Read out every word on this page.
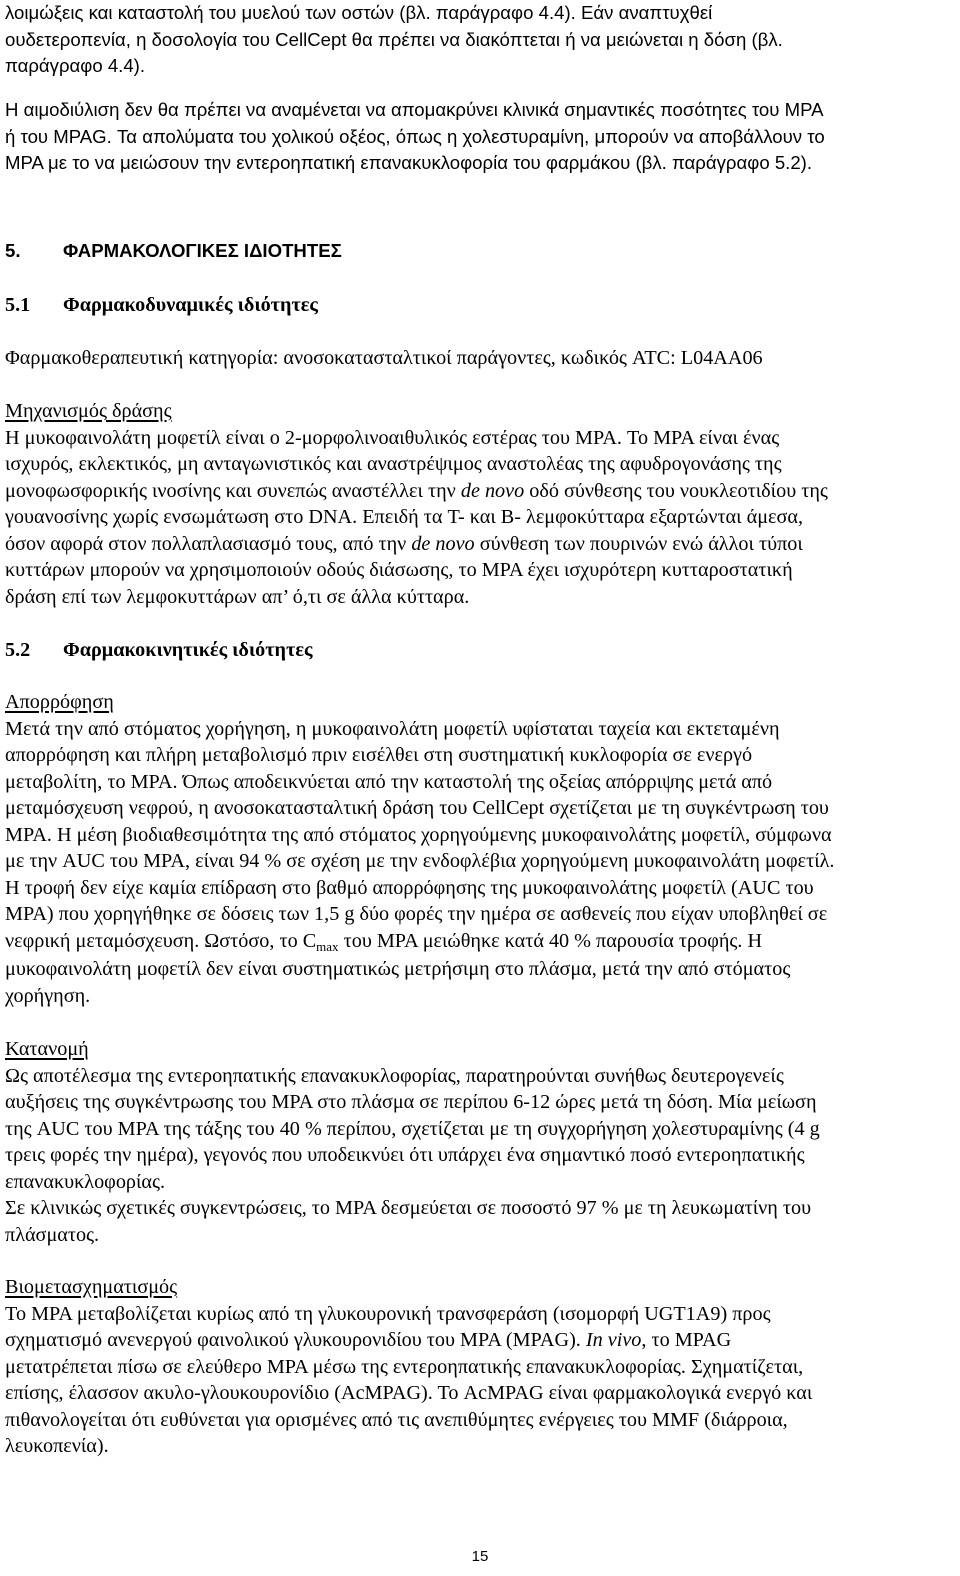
λοιμώξεις και καταστολή του μυελού των οστών (βλ. παράγραφο 4.4). Εάν αναπτυχθεί
ουδετεροπενία, η δοσολογία του CellCept θα πρέπει να διακόπτεται ή να μειώνεται η δόση (βλ.
παράγραφο 4.4).
Η αιμοδιύλιση δεν θα πρέπει να αναμένεται να απομακρύνει κλινικά σημαντικές ποσότητες του MPA
ή του MPAG. Τα απολύματα του χολικού οξέος, όπως η χολεστυραμίνη, μπορούν να αποβάλλουν το
MPA με το να μειώσουν την εντεροηπατική επανακυκλοφορία του φαρμάκου (βλ. παράγραφο 5.2).
5. ΦΑΡΜΑΚΟΛΟΓΙΚΕΣ ΙΔΙΟΤΗΤΕΣ
5.1 Φαρμακοδυναμικές ιδιότητες
Φαρμακοθεραπευτική κατηγορία: ανοσοκατασταλτικοί παράγοντες, κωδικός ATC: L04AA06
Μηχανισμός δράσης
Η μυκοφαινολάτη μοφετίλ είναι ο 2-μορφολινοαιθυλικός εστέρας του MPA. Το MPA είναι ένας
ισχυρός, εκλεκτικός, μη ανταγωνιστικός και αναστρέψιμος αναστολέας της αφυδρογονάσης της
μονοφωσφορικής ινοσίνης και συνεπώς αναστέλλει την de novo οδό σύνθεσης του νουκλεοτιδίου της
γουανοσίνης χωρίς ενσωμάτωση στο DNA. Επειδή τα T- και B- λεμφοκύτταρα εξαρτώνται άμεσα,
όσον αφορά στον πολλαπλασιασμό τους, από την de novo σύνθεση των πουρινών ενώ άλλοι τύποι
κυττάρων μπορούν να χρησιμοποιούν οδούς διάσωσης, το MPA έχει ισχυρότερη κυτταροστατική
δράση επί των λεμφοκυττάρων απ’ ό,τι σε άλλα κύτταρα.
5.2 Φαρμακοκινητικές ιδιότητες
Απορρόφηση
Μετά την από στόματος χορήγηση, η μυκοφαινολάτη μοφετίλ υφίσταται ταχεία και εκτεταμένη
απορρόφηση και πλήρη μεταβολισμό πριν εισέλθει στη συστηματική κυκλοφορία σε ενεργό
μεταβολίτη, το MPA. Όπως αποδεικνύεται από την καταστολή της οξείας απόρριψης μετά από
μεταμόσχευση νεφρού, η ανοσοκατασταλτική δράση του CellCept σχετίζεται με τη συγκέντρωση του
MPA. Η μέση βιοδιαθεσιμότητα της από στόματος χορηγούμενης μυκοφαινολάτης μοφετίλ, σύμφωνα
με την AUC του MPA, είναι 94 % σε σχέση με την ενδοφλέβια χορηγούμενη μυκοφαινολάτη μοφετίλ.
Η τροφή δεν είχε καμία επίδραση στο βαθμό απορρόφησης της μυκοφαινολάτης μοφετίλ (AUC του
MPA) που χορηγήθηκε σε δόσεις των 1,5 g δύο φορές την ημέρα σε ασθενείς που είχαν υποβληθεί σε
νεφρική μεταμόσχευση. Ωστόσο, το Cmax του MPA μειώθηκε κατά 40 % παρουσία τροφής. Η
μυκοφαινολάτη μοφετίλ δεν είναι συστηματικώς μετρήσιμη στο πλάσμα, μετά την από στόματος
χορήγηση.
Κατανομή
Ως αποτέλεσμα της εντεροηπατικής επανακυκλοφορίας, παρατηρούνται συνήθως δευτερογενείς
αυξήσεις της συγκέντρωσης του MPA στο πλάσμα σε περίπου 6-12 ώρες μετά τη δόση. Μία μείωση
της AUC του MPA της τάξης του 40 % περίπου, σχετίζεται με τη συγχορήγηση χολεστυραμίνης (4 g
τρεις φορές την ημέρα), γεγονός που υποδεικνύει ότι υπάρχει ένα σημαντικό ποσό εντεροηπατικής
επανακυκλοφορίας.
Σε κλινικώς σχετικές συγκεντρώσεις, το MPA δεσμεύεται σε ποσοστό 97 % με τη λευκωματίνη του
πλάσματος.
Βιομετασχηματισμός
Το MPA μεταβολίζεται κυρίως από τη γλυκουρονική τρανσφεράση (ισομορφή UGT1A9) προς
σχηματισμό ανενεργού φαινολικού γλυκουρονιδίου του MPA (MPAG). In vivo, το MPAG
μετατρέπεται πίσω σε ελεύθερο MPA μέσω της εντεροηπατικής επανακυκλοφορίας. Σχηματίζεται,
επίσης, έλασσον ακυλο-γλουκουρονίδιο (AcMPAG). Το AcMPAG είναι φαρμακολογικά ενεργό και
πιθανολογείται ότι ευθύνεται για ορισμένες από τις ανεπιθύμητες ενέργειες του MMF (διάρροια,
λευκοπενία).
15
